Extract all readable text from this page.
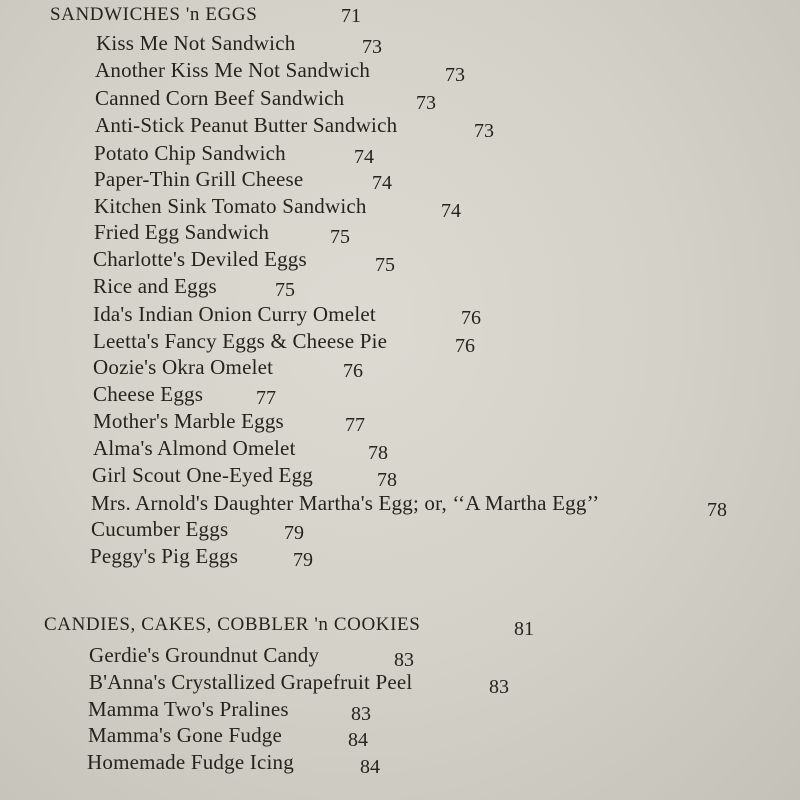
SANDWICHES 'n EGGS	71
Kiss Me Not Sandwich	73
Another Kiss Me Not Sandwich	73
Canned Corn Beef Sandwich	73
Anti-Stick Peanut Butter Sandwich	73
Potato Chip Sandwich	74
Paper-Thin Grill Cheese	74
Kitchen Sink Tomato Sandwich	74
Fried Egg Sandwich	75
Charlotte's Deviled Eggs	75
Rice and Eggs	75
Ida's Indian Onion Curry Omelet	76
Leetta's Fancy Eggs & Cheese Pie	76
Oozie's Okra Omelet	76
Cheese Eggs	77
Mother's Marble Eggs	77
Alma's Almond Omelet	78
Girl Scout One-Eyed Egg	78
Mrs. Arnold's Daughter Martha's Egg; or, ‘‘A Martha Egg’’	78
Cucumber Eggs	79
Peggy's Pig Eggs	79
CANDIES, CAKES, COBBLER 'n COOKIES	81
Gerdie's Groundnut Candy	83
B'Anna's Crystallized Grapefruit Peel	83
Mamma Two's Pralines	83
Mamma's Gone Fudge	84
Homemade Fudge Icing	84
